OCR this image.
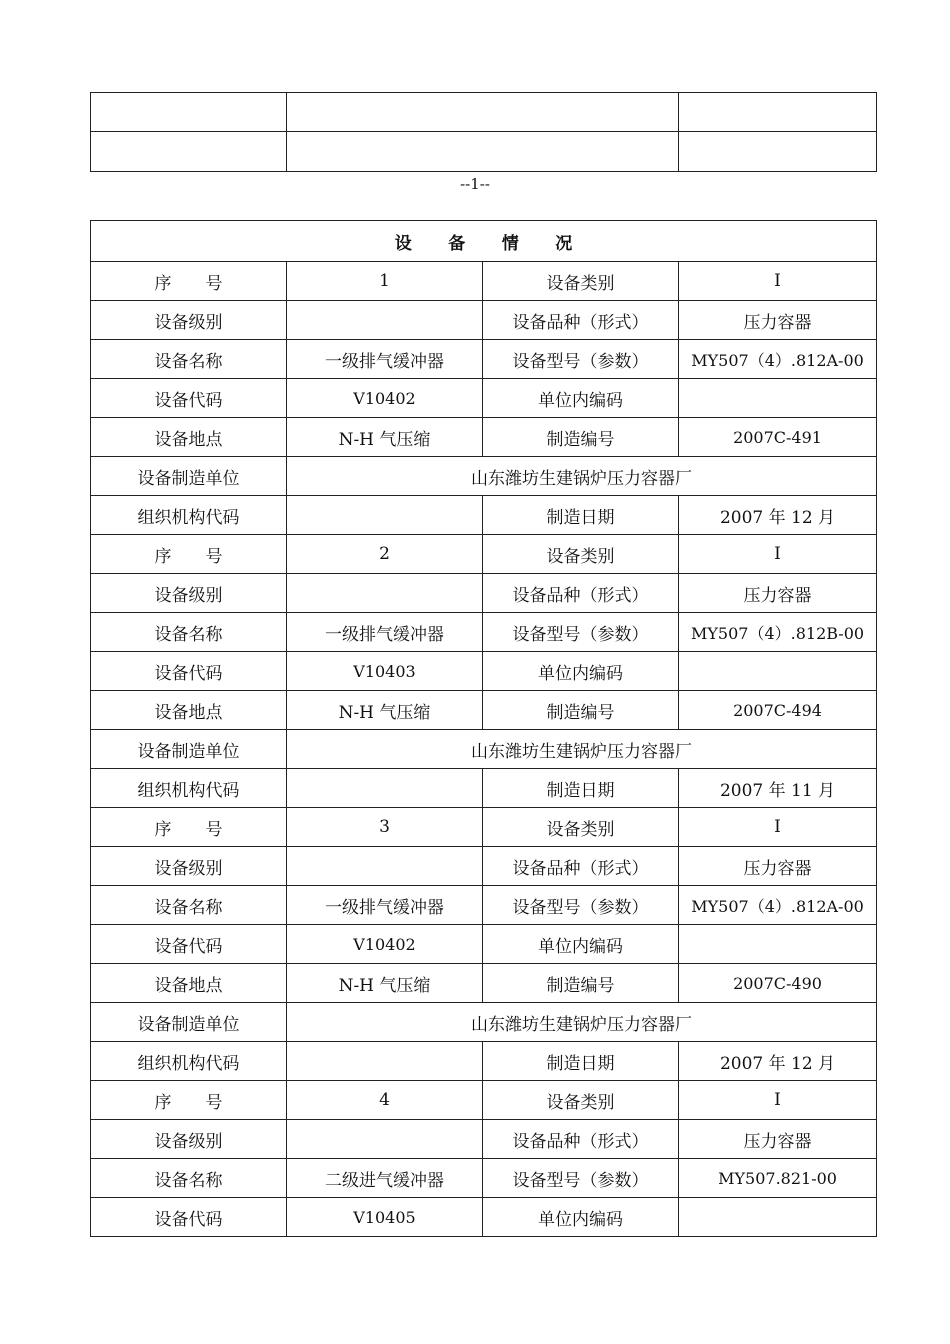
--1--
设 备 情 况			
序　　号	1	设备类别	I
设备级别		设备品种（形式）	压力容器
设备名称	一级排气缓冲器	设备型号（参数）	MY507（4）.812A-00
设备代码	V10402	单位内编码	
设备地点	N-H 气压缩	制造编号	2007C-491
设备制造单位	山东潍坊生建锅炉压力容器厂		
组织机构代码		制造日期	2007 年 12 月
序　　号	2	设备类别	I
设备级别		设备品种（形式）	压力容器
设备名称	一级排气缓冲器	设备型号（参数）	MY507（4）.812B-00
设备代码	V10403	单位内编码	
设备地点	N-H 气压缩	制造编号	2007C-494
设备制造单位	山东潍坊生建锅炉压力容器厂		
组织机构代码		制造日期	2007 年 11 月
序　　号	3	设备类别	I
设备级别		设备品种（形式）	压力容器
设备名称	一级排气缓冲器	设备型号（参数）	MY507（4）.812A-00
设备代码	V10402	单位内编码	
设备地点	N-H 气压缩	制造编号	2007C-490
设备制造单位	山东潍坊生建锅炉压力容器厂		
组织机构代码		制造日期	2007 年 12 月
序　　号	4	设备类别	I
设备级别		设备品种（形式）	压力容器
设备名称	二级进气缓冲器	设备型号（参数）	MY507.821-00
设备代码	V10405	单位内编码	
